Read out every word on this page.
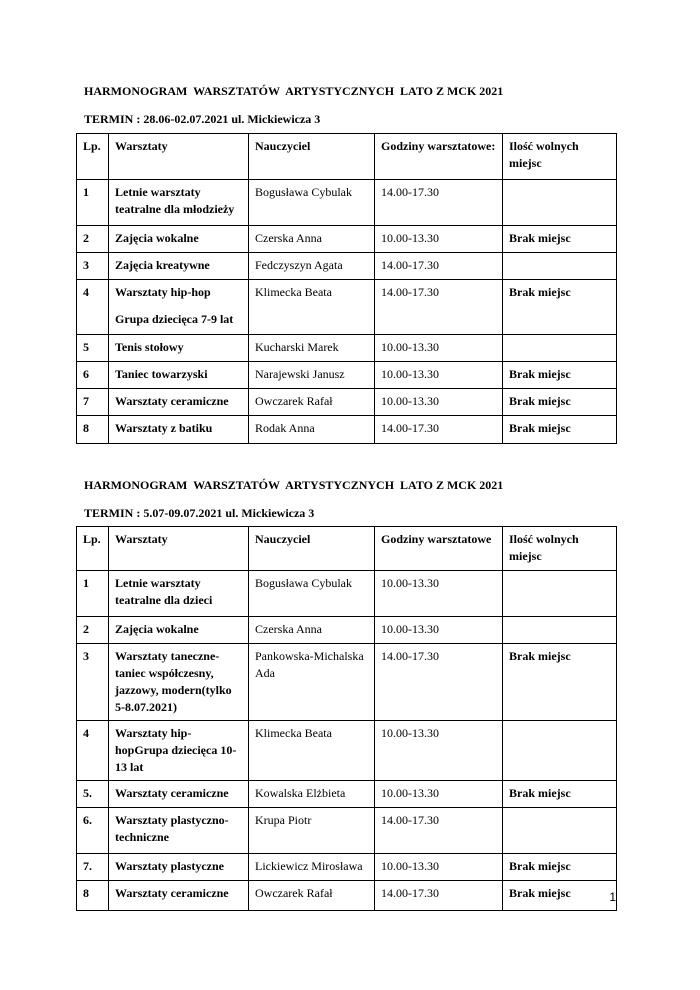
HARMONOGRAM  WARSZTATÓW  ARTYSTYCZNYCH  LATO Z MCK 2021

TERMIN : 28.06-02.07.2021 ul. Mickiewicza 3

Lp.	Warsztaty	Nauczyciel	Godziny warsztatowe:	Ilość wolnych miejsc
1	Letnie warsztaty teatralne dla młodzieży	Bogusława Cybulak	14.00-17.30	
2	Zajęcia wokalne	Czerska Anna	10.00-13.30	Brak miejsc
3	Zajęcia kreatywne	Fedczyszyn Agata	14.00-17.30	
4	Warsztaty hip-hop
Grupa dziecięca 7-9 lat	Klimecka Beata	14.00-17.30	Brak miejsc
5	Tenis stołowy	Kucharski Marek	10.00-13.30	
6	Taniec towarzyski	Narajewski Janusz	10.00-13.30	Brak miejsc
7	Warsztaty ceramiczne	Owczarek Rafał	10.00-13.30	Brak miejsc
8	Warsztaty z batiku	Rodak Anna	14.00-17.30	Brak miejsc

HARMONOGRAM  WARSZTATÓW  ARTYSTYCZNYCH  LATO Z MCK 2021

TERMIN : 5.07-09.07.2021 ul. Mickiewicza 3

Lp.	Warsztaty	Nauczyciel	Godziny warsztatowe	Ilość wolnych miejsc
1	Letnie warsztaty teatralne dla dzieci	Bogusława Cybulak	10.00-13.30	
2	Zajęcia wokalne	Czerska Anna	10.00-13.30	
3	Warsztaty taneczne-taniec współczesny, jazzowy, modern(tylko 5-8.07.2021)	Pankowska-Michalska Ada	14.00-17.30	Brak miejsc
4	Warsztaty hip-hopGrupa dziecięca 10-13 lat	Klimecka Beata	10.00-13.30	
5.	Warsztaty ceramiczne	Kowalska Elżbieta	10.00-13.30	Brak miejsc
6.	Warsztaty plastyczno-techniczne	Krupa Piotr	14.00-17.30	
7.	Warsztaty plastyczne	Lickiewicz Mirosława	10.00-13.30	Brak miejsc
8	Warsztaty ceramiczne	Owczarek Rafał	14.00-17.30	Brak miejsc	1
